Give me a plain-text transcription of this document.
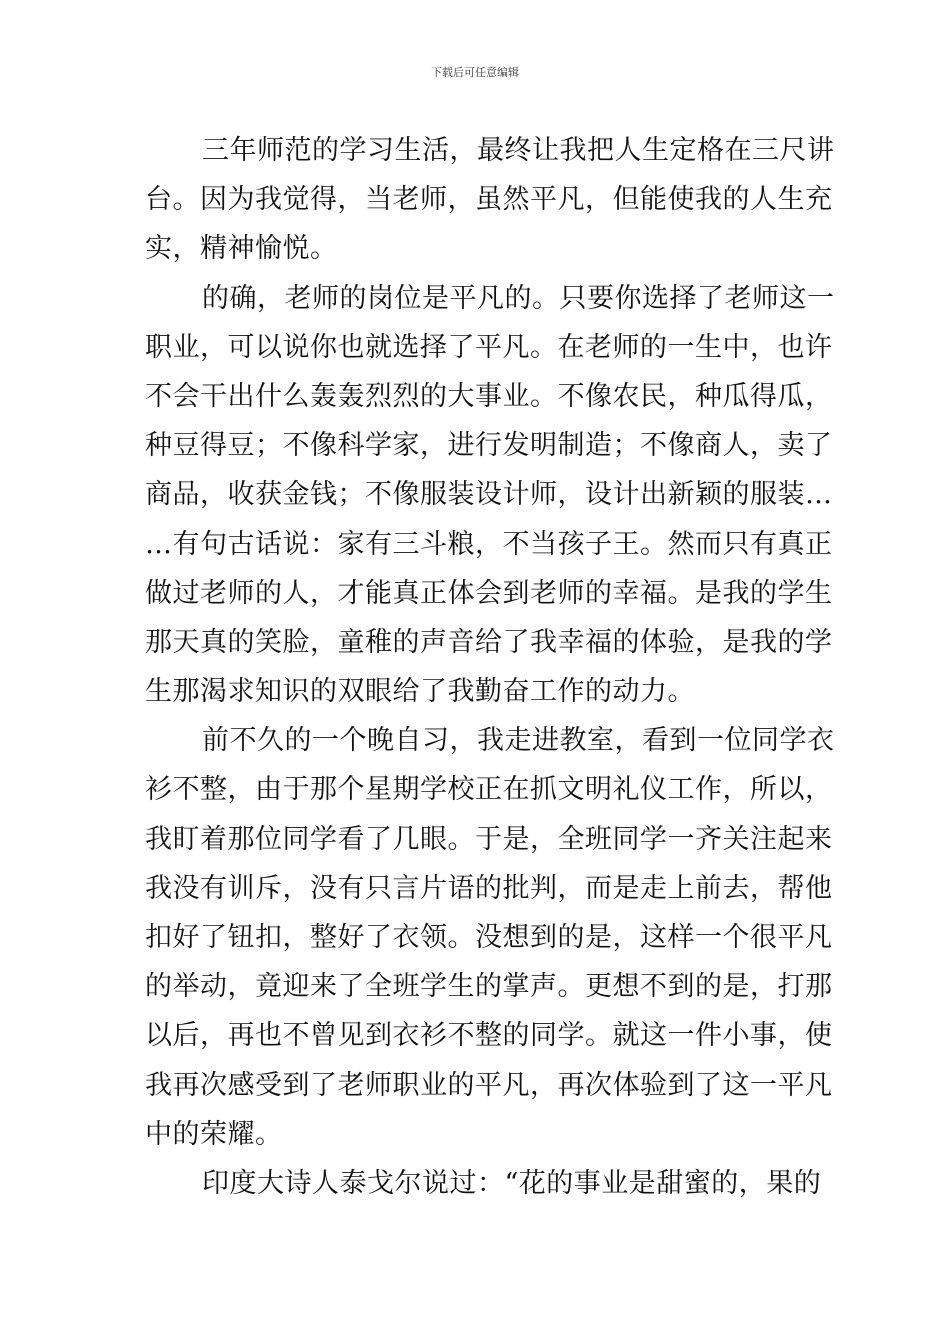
下载后可任意编辑
三年师范的学习生活，最终让我把人生定格在三尺讲
台。因为我觉得，当老师，虽然平凡，但能使我的人生充
实，精神愉悦。
的确，老师的岗位是平凡的。只要你选择了老师这一
职业，可以说你也就选择了平凡。在老师的一生中，也许
不会干出什么轰轰烈烈的大事业。不像农民，种瓜得瓜，
种豆得豆；不像科学家，进行发明制造；不像商人，卖了
商品，收获金钱；不像服装设计师，设计出新颖的服装…
…有句古话说：家有三斗粮，不当孩子王。然而只有真正
做过老师的人，才能真正体会到老师的幸福。是我的学生
那天真的笑脸，童稚的声音给了我幸福的体验，是我的学
生那渴求知识的双眼给了我勤奋工作的动力。
前不久的一个晚自习，我走进教室，看到一位同学衣
衫不整，由于那个星期学校正在抓文明礼仪工作，所以，
我盯着那位同学看了几眼。于是，全班同学一齐关注起来
我没有训斥，没有只言片语的批判，而是走上前去，帮他
扣好了钮扣，整好了衣领。没想到的是，这样一个很平凡
的举动，竟迎来了全班学生的掌声。更想不到的是，打那
以后，再也不曾见到衣衫不整的同学。就这一件小事，使
我再次感受到了老师职业的平凡，再次体验到了这一平凡
中的荣耀。
印度大诗人泰戈尔说过：“花的事业是甜蜜的，果的
